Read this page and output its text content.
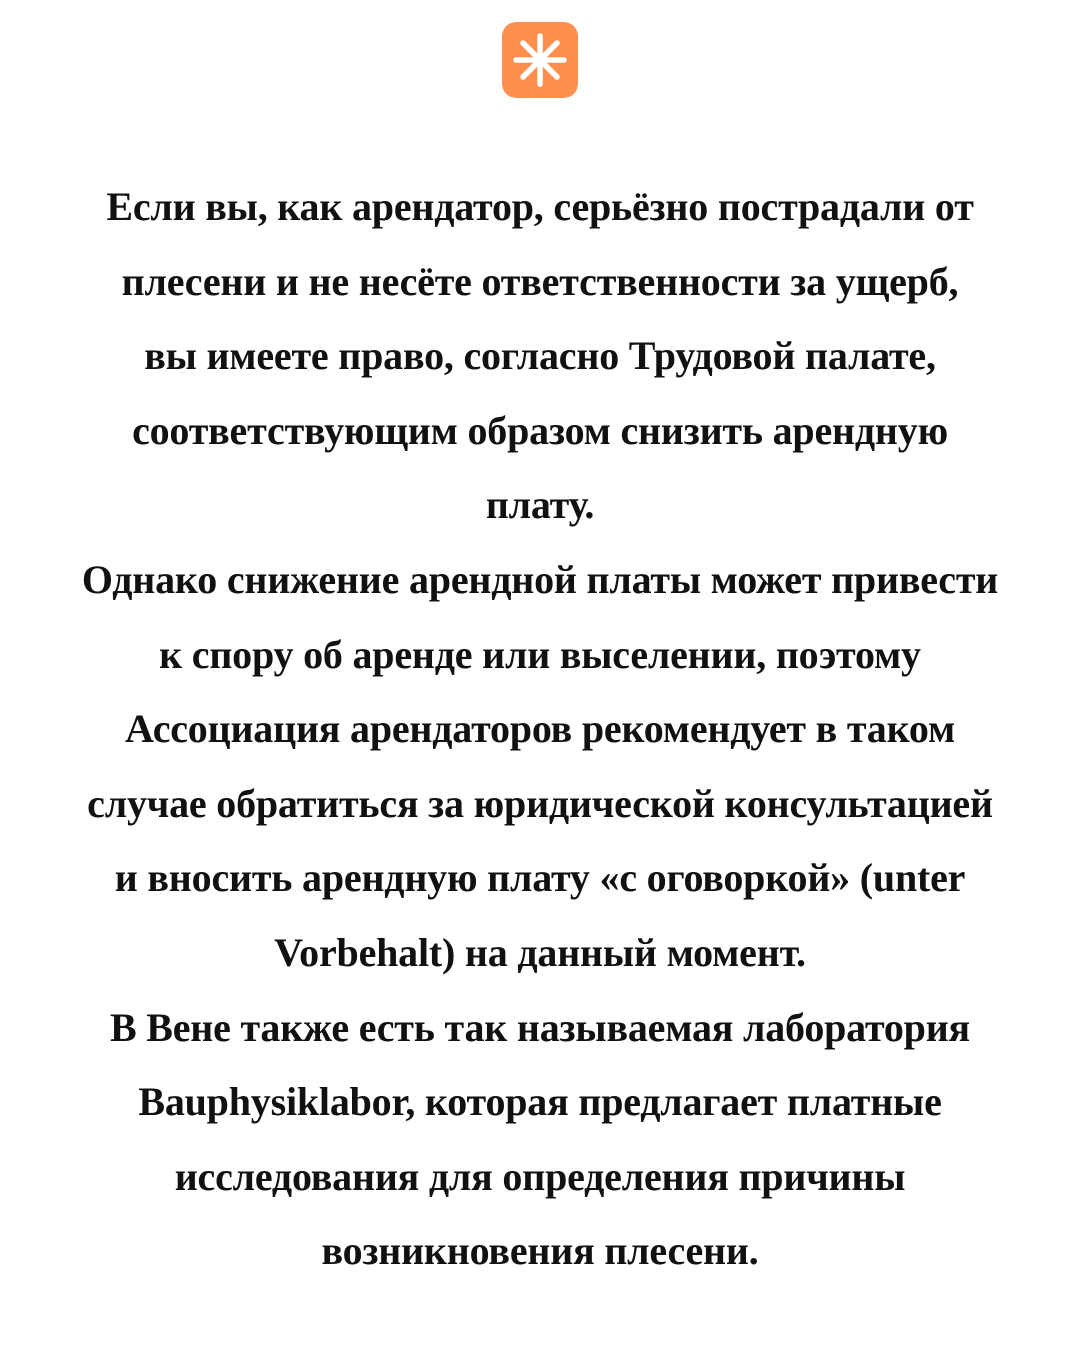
Если вы, как арендатор, серьёзно пострадали от
плесени и не несёте ответственности за ущерб,
вы имеете право, согласно Трудовой палате,
соответствующим образом снизить арендную
плату.
Однако снижение арендной платы может привести
к спору об аренде или выселении, поэтому
Ассоциация арендаторов рекомендует в таком
случае обратиться за юридической консультацией
и вносить арендную плату «с оговоркой» (unter
Vorbehalt) на данный момент.
В Вене также есть так называемая лаборатория
Bauphysiklabor, которая предлагает платные
исследования для определения причины
возникновения плесени.
